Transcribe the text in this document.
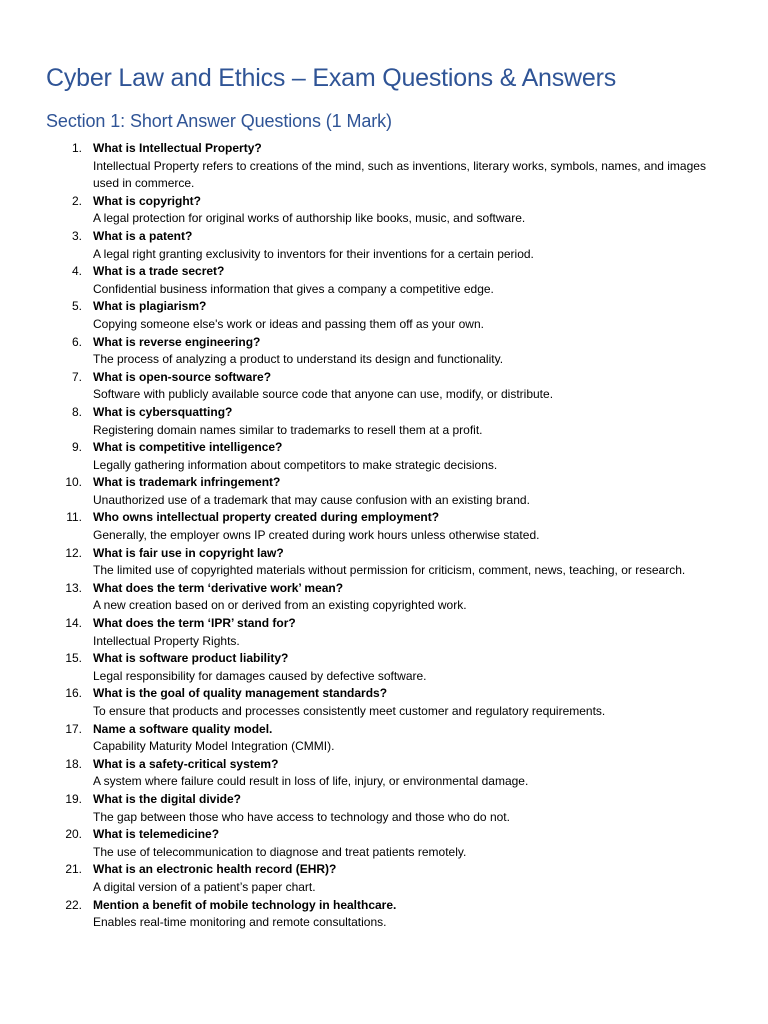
Cyber Law and Ethics – Exam Questions & Answers
Section 1: Short Answer Questions (1 Mark)
1. What is Intellectual Property?
Intellectual Property refers to creations of the mind, such as inventions, literary works, symbols, names, and images used in commerce.
2. What is copyright?
A legal protection for original works of authorship like books, music, and software.
3. What is a patent?
A legal right granting exclusivity to inventors for their inventions for a certain period.
4. What is a trade secret?
Confidential business information that gives a company a competitive edge.
5. What is plagiarism?
Copying someone else's work or ideas and passing them off as your own.
6. What is reverse engineering?
The process of analyzing a product to understand its design and functionality.
7. What is open-source software?
Software with publicly available source code that anyone can use, modify, or distribute.
8. What is cybersquatting?
Registering domain names similar to trademarks to resell them at a profit.
9. What is competitive intelligence?
Legally gathering information about competitors to make strategic decisions.
10. What is trademark infringement?
Unauthorized use of a trademark that may cause confusion with an existing brand.
11. Who owns intellectual property created during employment?
Generally, the employer owns IP created during work hours unless otherwise stated.
12. What is fair use in copyright law?
The limited use of copyrighted materials without permission for criticism, comment, news, teaching, or research.
13. What does the term ‘derivative work’ mean?
A new creation based on or derived from an existing copyrighted work.
14. What does the term ‘IPR’ stand for?
Intellectual Property Rights.
15. What is software product liability?
Legal responsibility for damages caused by defective software.
16. What is the goal of quality management standards?
To ensure that products and processes consistently meet customer and regulatory requirements.
17. Name a software quality model.
Capability Maturity Model Integration (CMMI).
18. What is a safety-critical system?
A system where failure could result in loss of life, injury, or environmental damage.
19. What is the digital divide?
The gap between those who have access to technology and those who do not.
20. What is telemedicine?
The use of telecommunication to diagnose and treat patients remotely.
21. What is an electronic health record (EHR)?
A digital version of a patient’s paper chart.
22. Mention a benefit of mobile technology in healthcare.
Enables real-time monitoring and remote consultations.
